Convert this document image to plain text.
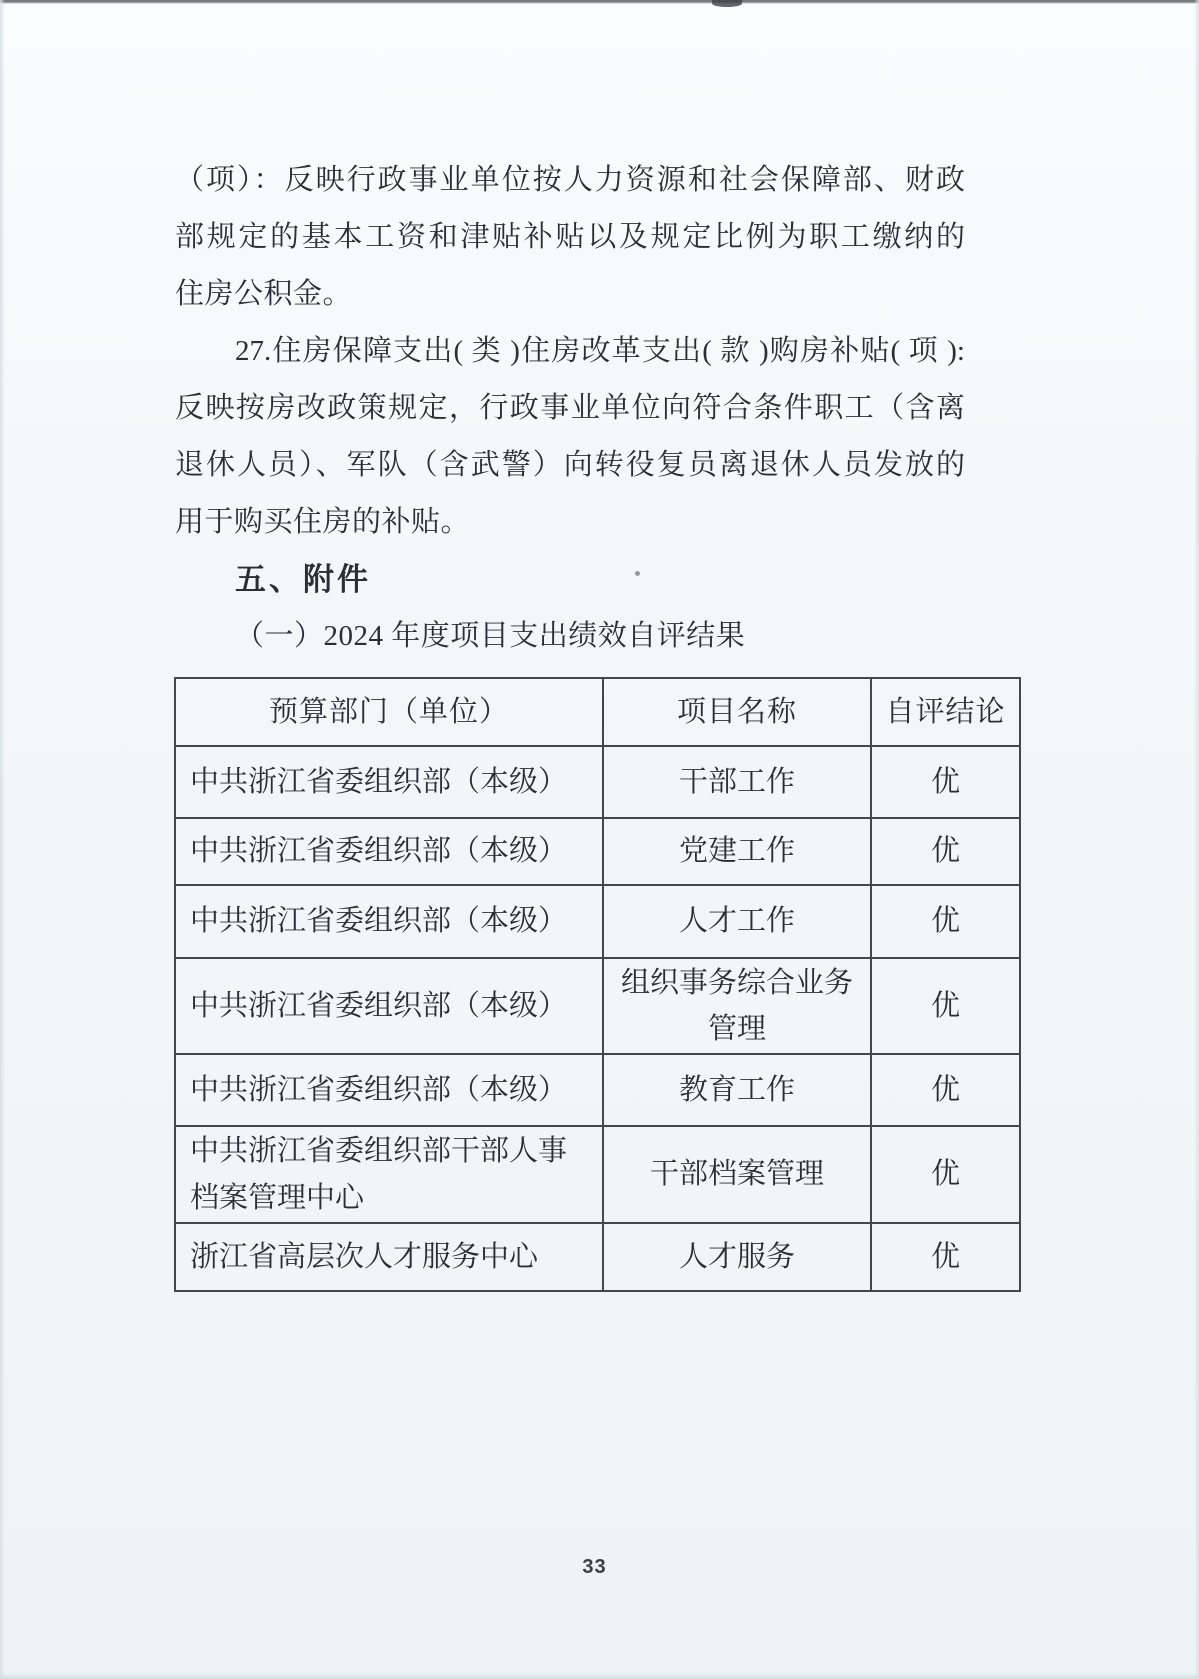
（项）：反映行政事业单位按人力资源和社会保障部、财政
部规定的基本工资和津贴补贴以及规定比例为职工缴纳的
住房公积金。
27.住房保障支出( 类 )住房改革支出( 款 )购房补贴( 项 ):
反映按房改政策规定，行政事业单位向符合条件职工（含离
退休人员）、军队（含武警）向转役复员离退休人员发放的
用于购买住房的补贴。
五、附件
（一）2024 年度项目支出绩效自评结果
预算部门（单位）	项目名称	自评结论
中共浙江省委组织部（本级）	干部工作	优
中共浙江省委组织部（本级）	党建工作	优
中共浙江省委组织部（本级）	人才工作	优
中共浙江省委组织部（本级）	组织事务综合业务管理	优
中共浙江省委组织部（本级）	教育工作	优
中共浙江省委组织部干部人事档案管理中心	干部档案管理	优
浙江省高层次人才服务中心	人才服务	优
33
